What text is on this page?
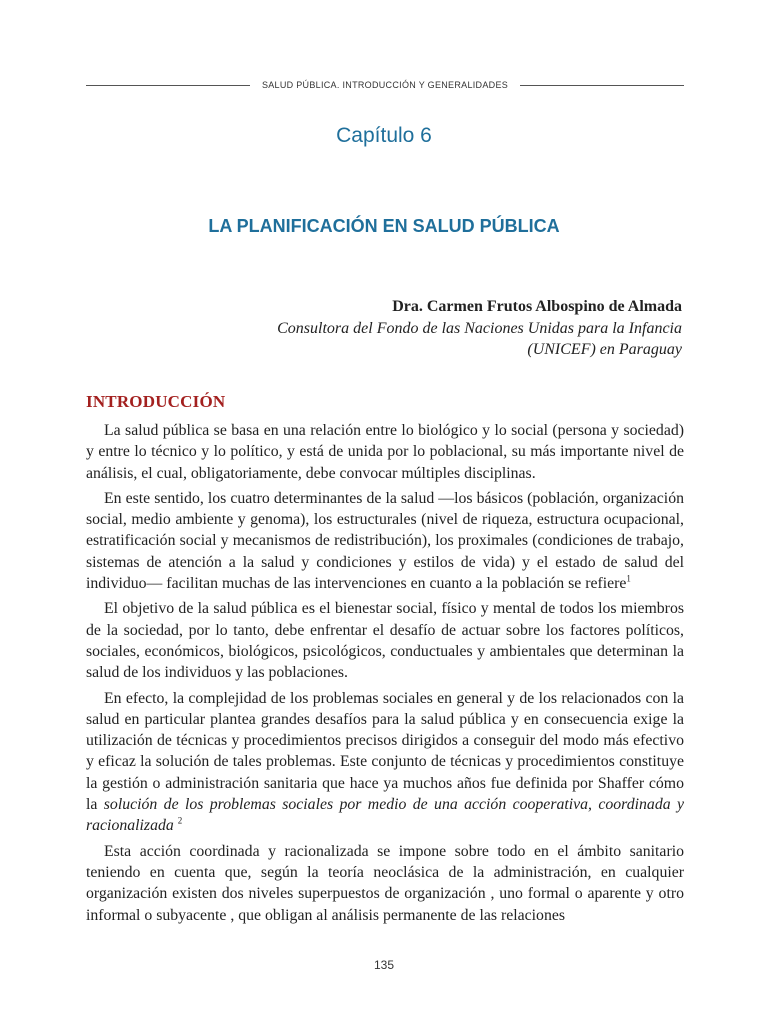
SALUD PÚBLICA. INTRODUCCIÓN Y GENERALIDADES
Capítulo 6
LA PLANIFICACIÓN EN SALUD PÚBLICA
Dra. Carmen Frutos Albospino de Almada
Consultora del Fondo de las Naciones Unidas para la Infancia
(UNICEF) en Paraguay
INTRODUCCIÓN

La salud pública se basa en una relación entre lo biológico y lo social (persona y sociedad) y entre lo técnico y lo político, y está de unida por lo poblacional, su más importante nivel de análisis, el cual, obligatoriamente, debe convocar múltiples disciplinas.

En este sentido, los cuatro determinantes de la salud —los básicos (población, organización social, medio ambiente y genoma), los estructurales (nivel de riqueza, estructura ocupacional, estratificación social y mecanismos de redistribución), los proximales (condiciones de trabajo, sistemas de atención a la salud y condiciones y estilos de vida) y el estado de salud del individuo— facilitan muchas de las intervenciones en cuanto a la población se refiere$^1$

El objetivo de la salud pública es el bienestar social, físico y mental de todos los miembros de la sociedad, por lo tanto, debe enfrentar el desafío de actuar sobre los factores políticos, sociales, económicos, biológicos, psicológicos, conductuales y ambientales que determinan la salud de los individuos y las poblaciones.

En efecto, la complejidad de los problemas sociales en general y de los relacionados con la salud en particular plantea grandes desafíos para la salud pública y en consecuencia exige la utilización de técnicas y procedimientos precisos dirigidos a conseguir del modo más efectivo y eficaz la solución de tales problemas. Este conjunto de técnicas y procedimientos constituye la gestión o administración sanitaria que hace ya muchos años fue definida por Shaffer cómo la solución de los problemas sociales por medio de una acción cooperativa, coordinada y racionalizada $^2$

Esta acción coordinada y racionalizada se impone sobre todo en el ámbito sanitario teniendo en cuenta que, según la teoría neoclásica de la administración, en cualquier organización existen dos niveles superpuestos de organización , uno formal o aparente y otro informal o subyacente , que obligan al análisis permanente de las relaciones

135
